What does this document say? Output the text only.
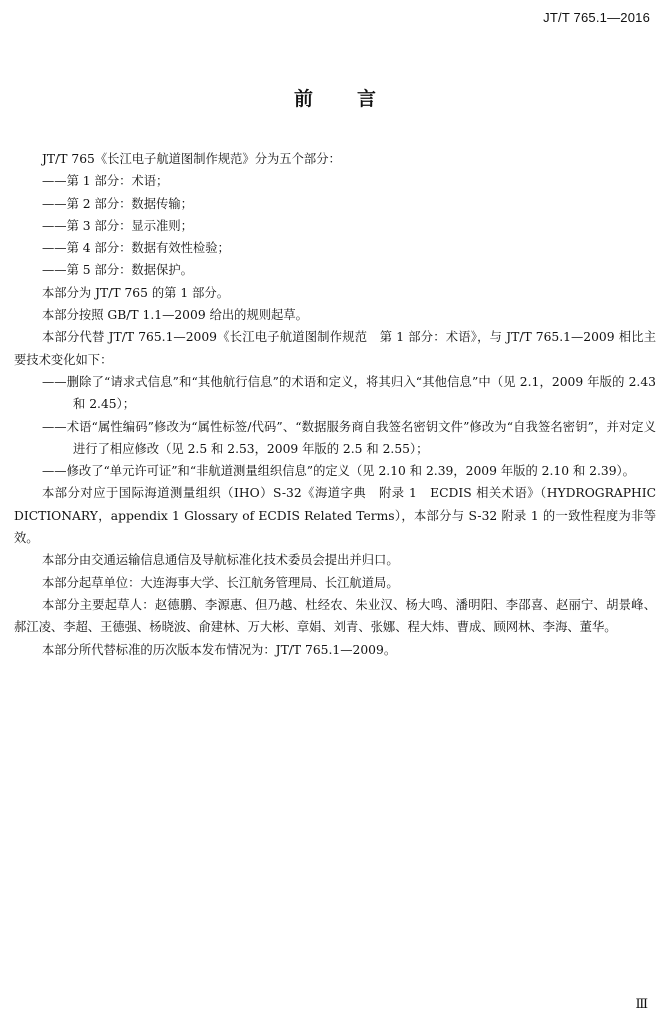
JT/T 765.1—2016
前 言

JT/T 765《长江电子航道图制作规范》分为五个部分：

——第 1 部分：术语；

——第 2 部分：数据传输；

——第 3 部分：显示准则；

——第 4 部分：数据有效性检验；

——第 5 部分：数据保护。

本部分为 JT/T 765 的第 1 部分。

本部分按照 GB/T 1.1—2009 给出的规则起草。

本部分代替 JT/T 765.1—2009《长江电子航道图制作规范　第 1 部分：术语》，与 JT/T 765.1—2009 相比主要技术变化如下：

——删除了“请求式信息”和“其他航行信息”的术语和定义，将其归入“其他信息”中（见 2.1，2009 年版的 2.43 和 2.45）；

——术语“属性编码”修改为“属性标签/代码”、“数据服务商自我签名密钥文件”修改为“自我签名密钥”，并对定义进行了相应修改（见 2.5 和 2.53，2009 年版的 2.5 和 2.55）；

——修改了“单元许可证”和“非航道测量组织信息”的定义（见 2.10 和 2.39，2009 年版的 2.10 和 2.39）。

本部分对应于国际海道测量组织（IHO）S-32《海道字典　附录 1　ECDIS 相关术语》（HYDROGRAPHIC DICTIONARY，appendix 1 Glossary of ECDIS Related Terms），本部分与 S-32 附录 1 的一致性程度为非等效。

本部分由交通运输信息通信及导航标准化技术委员会提出并归口。

本部分起草单位：大连海事大学、长江航务管理局、长江航道局。

本部分主要起草人：赵德鹏、李源惠、但乃越、杜经农、朱业汉、杨大鸣、潘明阳、李邵喜、赵丽宁、胡景峰、郝江凌、李超、王德强、杨晓波、俞建林、万大彬、章娟、刘青、张娜、程大炜、曹成、顾网林、李海、董华。

本部分所代替标准的历次版本发布情况为：JT/T 765.1—2009。

Ⅲ
